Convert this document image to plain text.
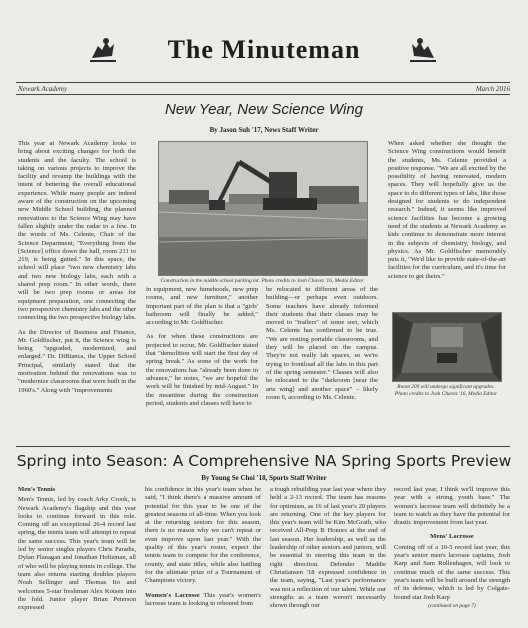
The Minuteman
Newark Academy	March 2016
New Year, New Science Wing
By Jason Suh '17, News Staff Writer

This year at Newark Academy looks to bring about exciting changes for both the students and the faculty. The school is taking on various projects to improve the facility and revamp the buildings with the intent of bettering the overall educational experience. While many people are indeed aware of the construction on the upcoming new Middle School building, the planned renovations to the Science Wing may have fallen slightly under the radar to a few. In the words of Ms. Celente, Chair of the Science Department, "Everything from the [Science] office down the hall, room 211 to 219, is being gutted." In this space, the school will place "two new chemistry labs and two new biology labs, each with a shared prep room." In other words, there will be two prep rooms or areas for equipment preparation, one connecting the two prospective chemistry labs and the other connecting the two prospective biology labs.

As the Director of Business and Finance, Mr. Goldfischer, put it, the Science wing is being "upgraded, modernized, and enlarged." Dr. DiBianca, the Upper School Principal, similarly stated that the motivation behind the renovations was to "modernize classrooms that were built in the 1960's." Along with "improvements

Construction in the middle school parking lot. Photo credits to Josh Chavez '16, Media Editor

in equipment, new fumehoods, new prep rooms, and new furniture," another important part of the plan is that a "girls' bathroom will finally be added," according to Mr. Goldfischer.

As for when these constructions are projected to occur, Mr. Goldfischer stated that "demolition will start the first day of spring break." As some of the work for the renovations has "already been done in advance," he notes, "we are hopeful the work will be finished by mid-August." In the meantime during the construction period, students and classes will have to

be relocated to different areas of the building—or perhaps even outdoors. Some teachers have already informed their students that their classes may be moved to "trailers" of some sort, which Ms. Celente has confirmed to be true. "We are renting portable classrooms, and they will be placed on the campus. They're not really lab spaces, so we're trying to frontload all the labs in this part of the spring semester." Classes will also be relocated to the "darkroom [near the arts wing] and another space" – likely room 6, according to Ms. Celente.

When asked whether she thought the Science Wing constructions would benefit the students, Ms. Celente provided a positive response. "We are all excited by the possibility of having renovated, modern spaces. They will hopefully give us the space to do different types of labs, like those designed for students to do independent research." Indeed, it seems like improved science facilities has become a growing need of the students at Newark Academy as kids continue to demonstrate more interest in the subjects of chemistry, biology, and physics. As Mr. Goldfischer memorably puts it, "We'd like to provide state-of-the-art facilities for the curriculum, and it's time for science to get theirs."

Room 209 will undergo significant upgrades. Photo credits to Josh Chavez '16, Media Editor
Spring into Season: A Comprehensive NA Spring Sports Preview
By Young Se Choi '18, Sports Staff Writer

Men's Tennis

Men's Tennis, led by coach Arky Crook, is Newark Academy's flagship and this year looks to continue forward in this role. Coming off an exceptional 26-4 record last spring, the tennis team will attempt to repeat the same success. This year's team will be led by senior singles players Chris Paradis, Dylan Flanagan and Jonathan Holtzman, all of who will be playing tennis in college. The team also returns starting doubles players Noah Sellinger and Thomas Ito and welcomes 5-star freshman Alex Kotsen into the fold. Junior player Brian Peterson expressed

his confidence in this year's team when he said, "I think there's a massive amount of potential for this year to be one of the greatest seasons of all-time. When you look at the returning seniors for this season, there is no reason why we can't repeat or even improve upon last year." With the quality of this year's roster, expect the tennis team to compete for the conference, county, and state titles, while also battling for the ultimate prize of a Tournament of Champions victory.

Women's Lacrosse This year's women's lacrosse team is looking to rebound from

a tough rebuilding year last year where they held a 2-13 record. The team has reasons for optimism, as 16 of last year's 20 players are returning. One of the key players for this year's team will be Kim McGrath, who received All-Prep B Honors at the end of last season. Her leadership, as well as the leadership of other seniors and juniors, will be essential to steering this team in the right direction. Defender Maddie Christiansen '18 expressed confidence in the team, saying, "Last year's performance was not a reflection of our talent. While our strengths as a team weren't necessarily shown through our

record last year, I think we'll improve this year with a strong youth base." The women's lacrosse team will definitely be a team to watch as they have the potential for drastic improvement from last year.

Mens' Lacrosse

Coming off of a 10-5 record last year, this year's senior men's lacrosse captains, Josh Karp and Sam Rollenhagen, will look to continue much of the same success. This year's team will be built around the strength of its defense, which is led by Colgate-bound star Josh Karp

(continued on page 7)
